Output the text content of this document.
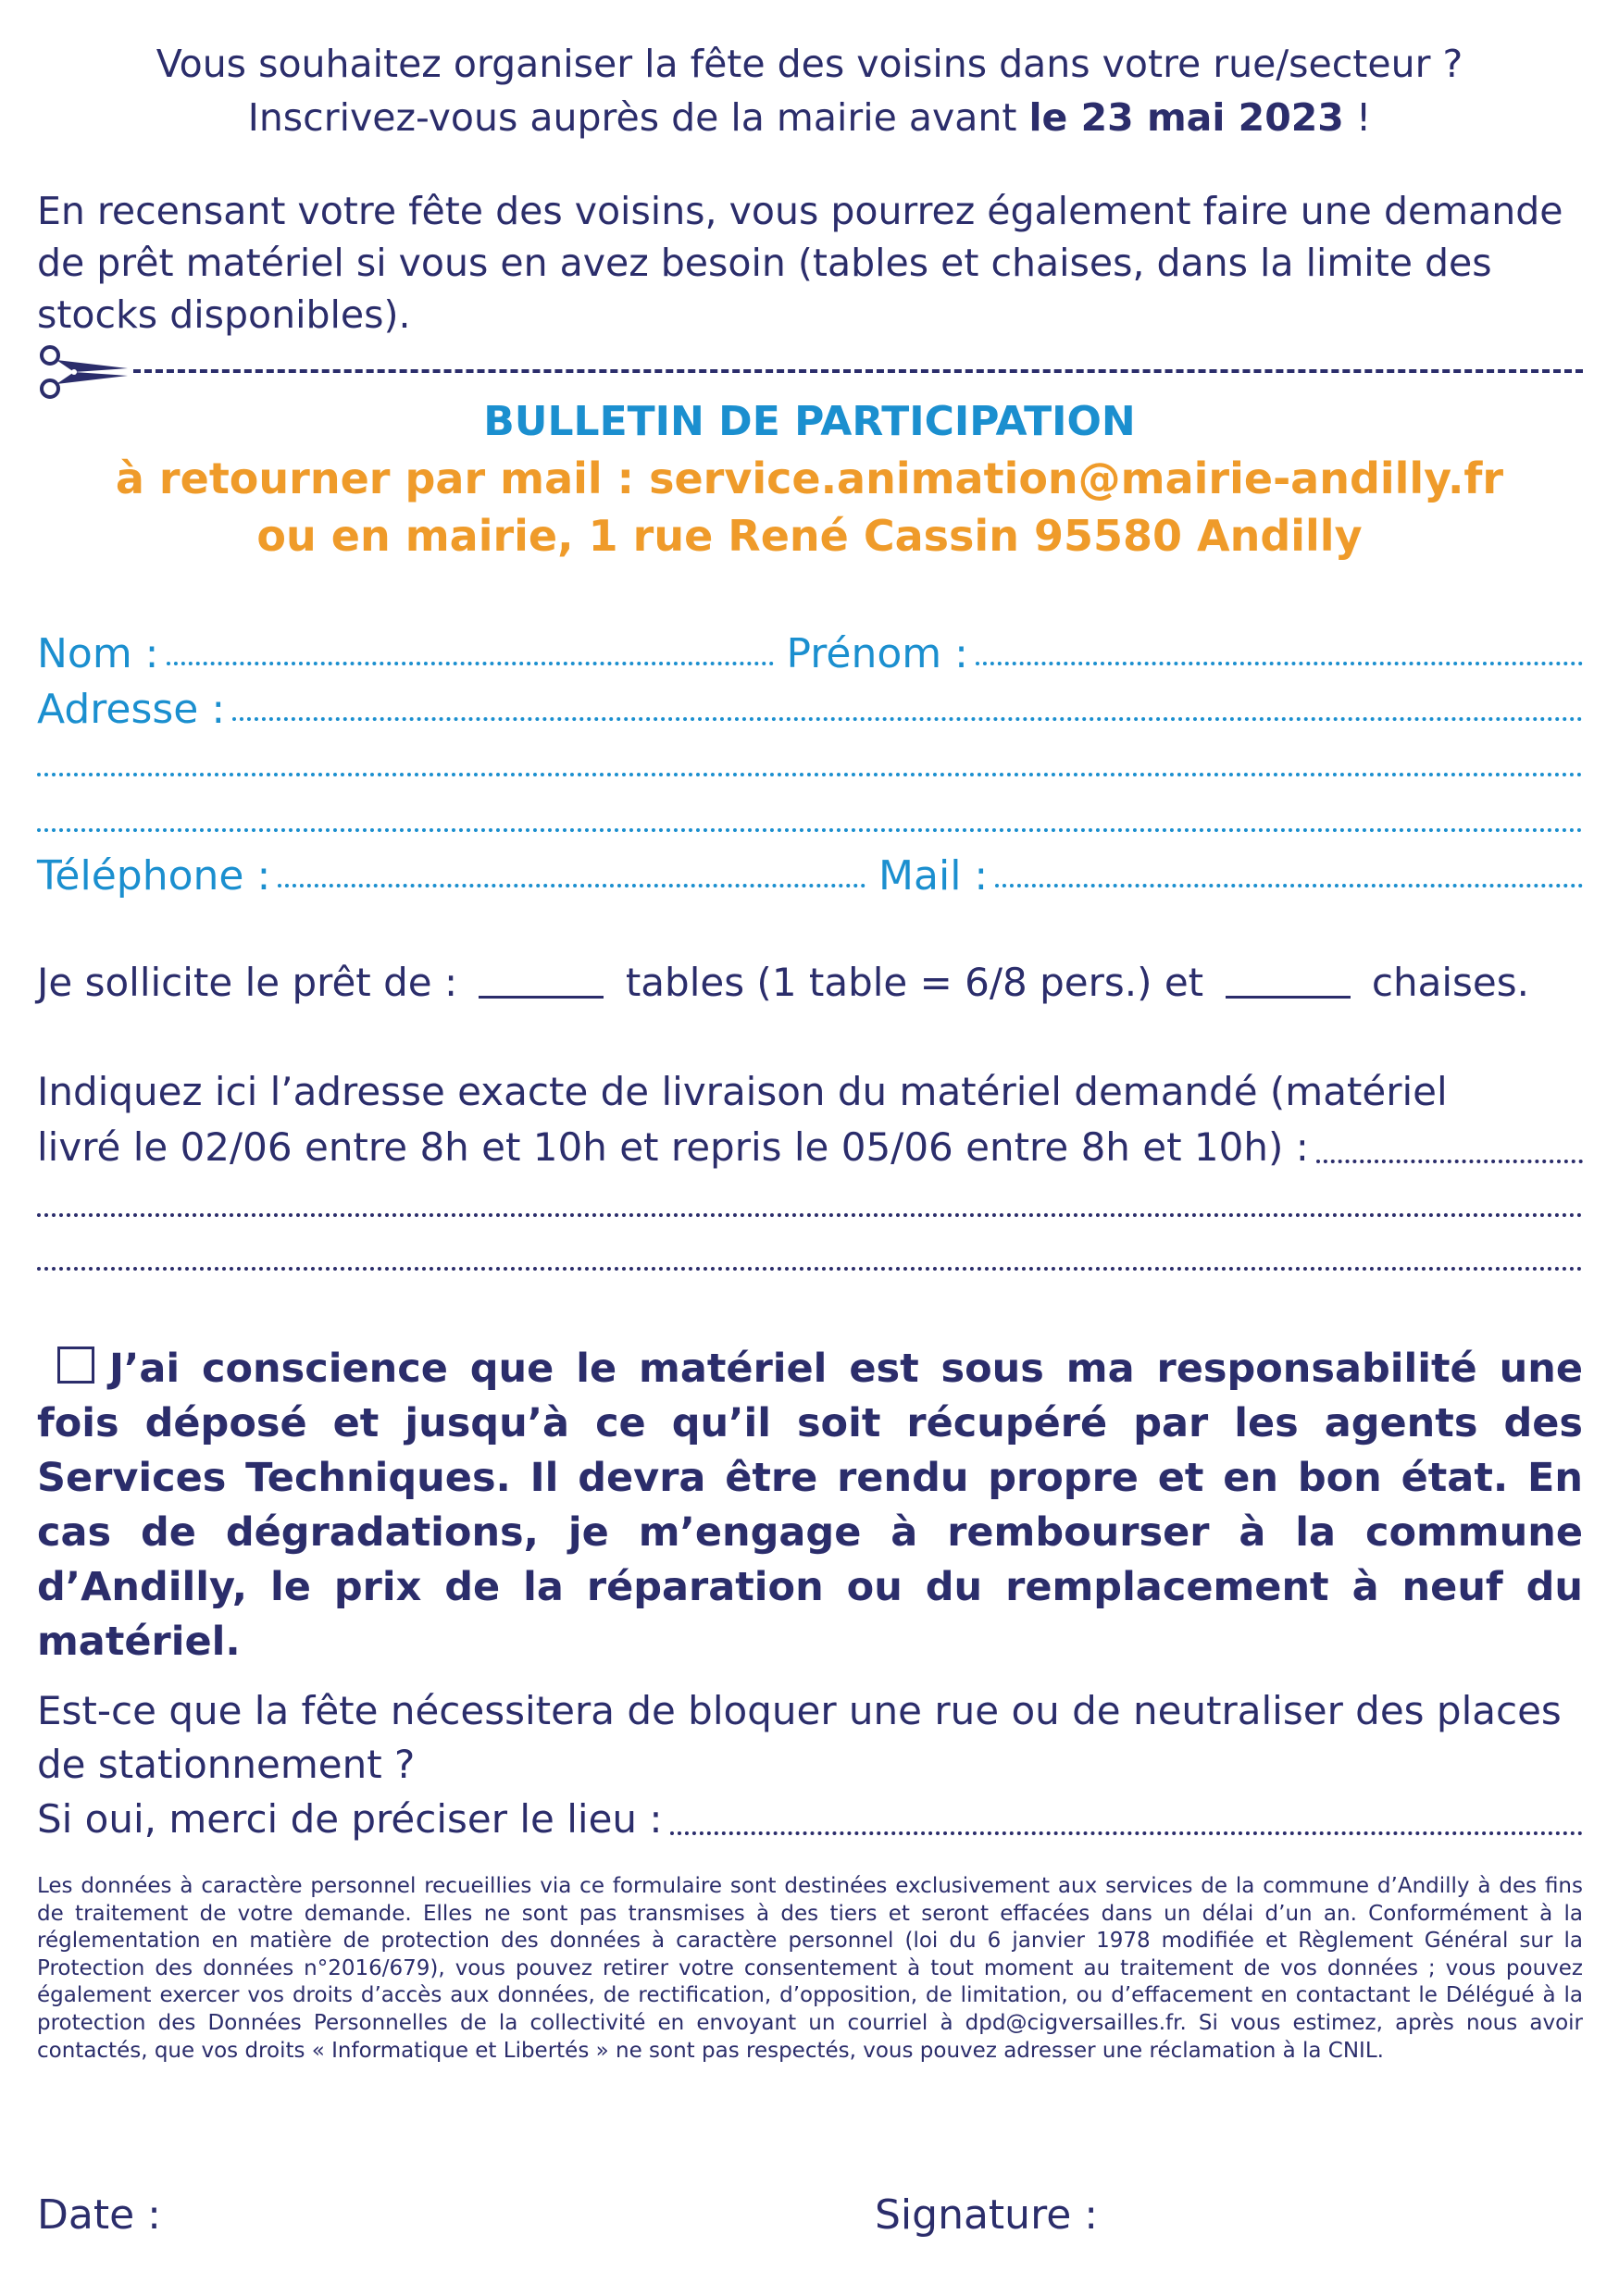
Vous souhaitez organiser la fête des voisins dans votre rue/secteur ?
Inscrivez-vous auprès de la mairie avant le 23 mai 2023 !
En recensant votre fête des voisins, vous pourrez également faire une demande de prêt matériel si vous en avez besoin (tables et chaises, dans la limite des stocks disponibles).
BULLETIN DE PARTICIPATION
à retourner par mail : service.animation@mairie-andilly.fr
ou en mairie, 1 rue René Cassin 95580 Andilly
Nom :	Prénom :
Adresse :
Téléphone :	Mail :
Je sollicite le prêt de :	tables (1 table = 6/8 pers.) et	chaises.
Indiquez ici l’adresse exacte de livraison du matériel demandé (matériel
livré le 02/06 entre 8h et 10h et repris le 05/06 entre 8h et 10h) :
J’ai conscience que le matériel est sous ma responsabilité une fois déposé et jusqu’à ce qu’il soit récupéré par les agents des Services Techniques. Il devra être rendu propre et en bon état. En cas de dégradations, je m’engage à rembourser à la commune d’Andilly, le prix de la réparation ou du remplacement à neuf du matériel.
Est-ce que la fête nécessitera de bloquer une rue ou de neutraliser des places de stationnement ?
Si oui, merci de préciser le lieu :
Les données à caractère personnel recueillies via ce formulaire sont destinées exclusivement aux services de la commune d’Andilly à des fins de traitement de votre demande. Elles ne sont pas transmises à des tiers et seront effacées dans un délai d’un an. Conformément à la réglementation en matière de protection des données à caractère personnel (loi du 6 janvier 1978 modifiée et Règlement Général sur la Protection des données n°2016/679), vous pouvez retirer votre consentement à tout moment au traitement de vos données ; vous pouvez également exercer vos droits d’accès aux données, de rectification, d’opposition, de limitation, ou d’effacement en contactant le Délégué à la protection des Données Personnelles de la collectivité en envoyant un courriel à dpd@cigversailles.fr. Si vous estimez, après nous avoir contactés, que vos droits « Informatique et Libertés » ne sont pas respectés, vous pouvez adresser une réclamation à la CNIL.
Date :	Signature :
